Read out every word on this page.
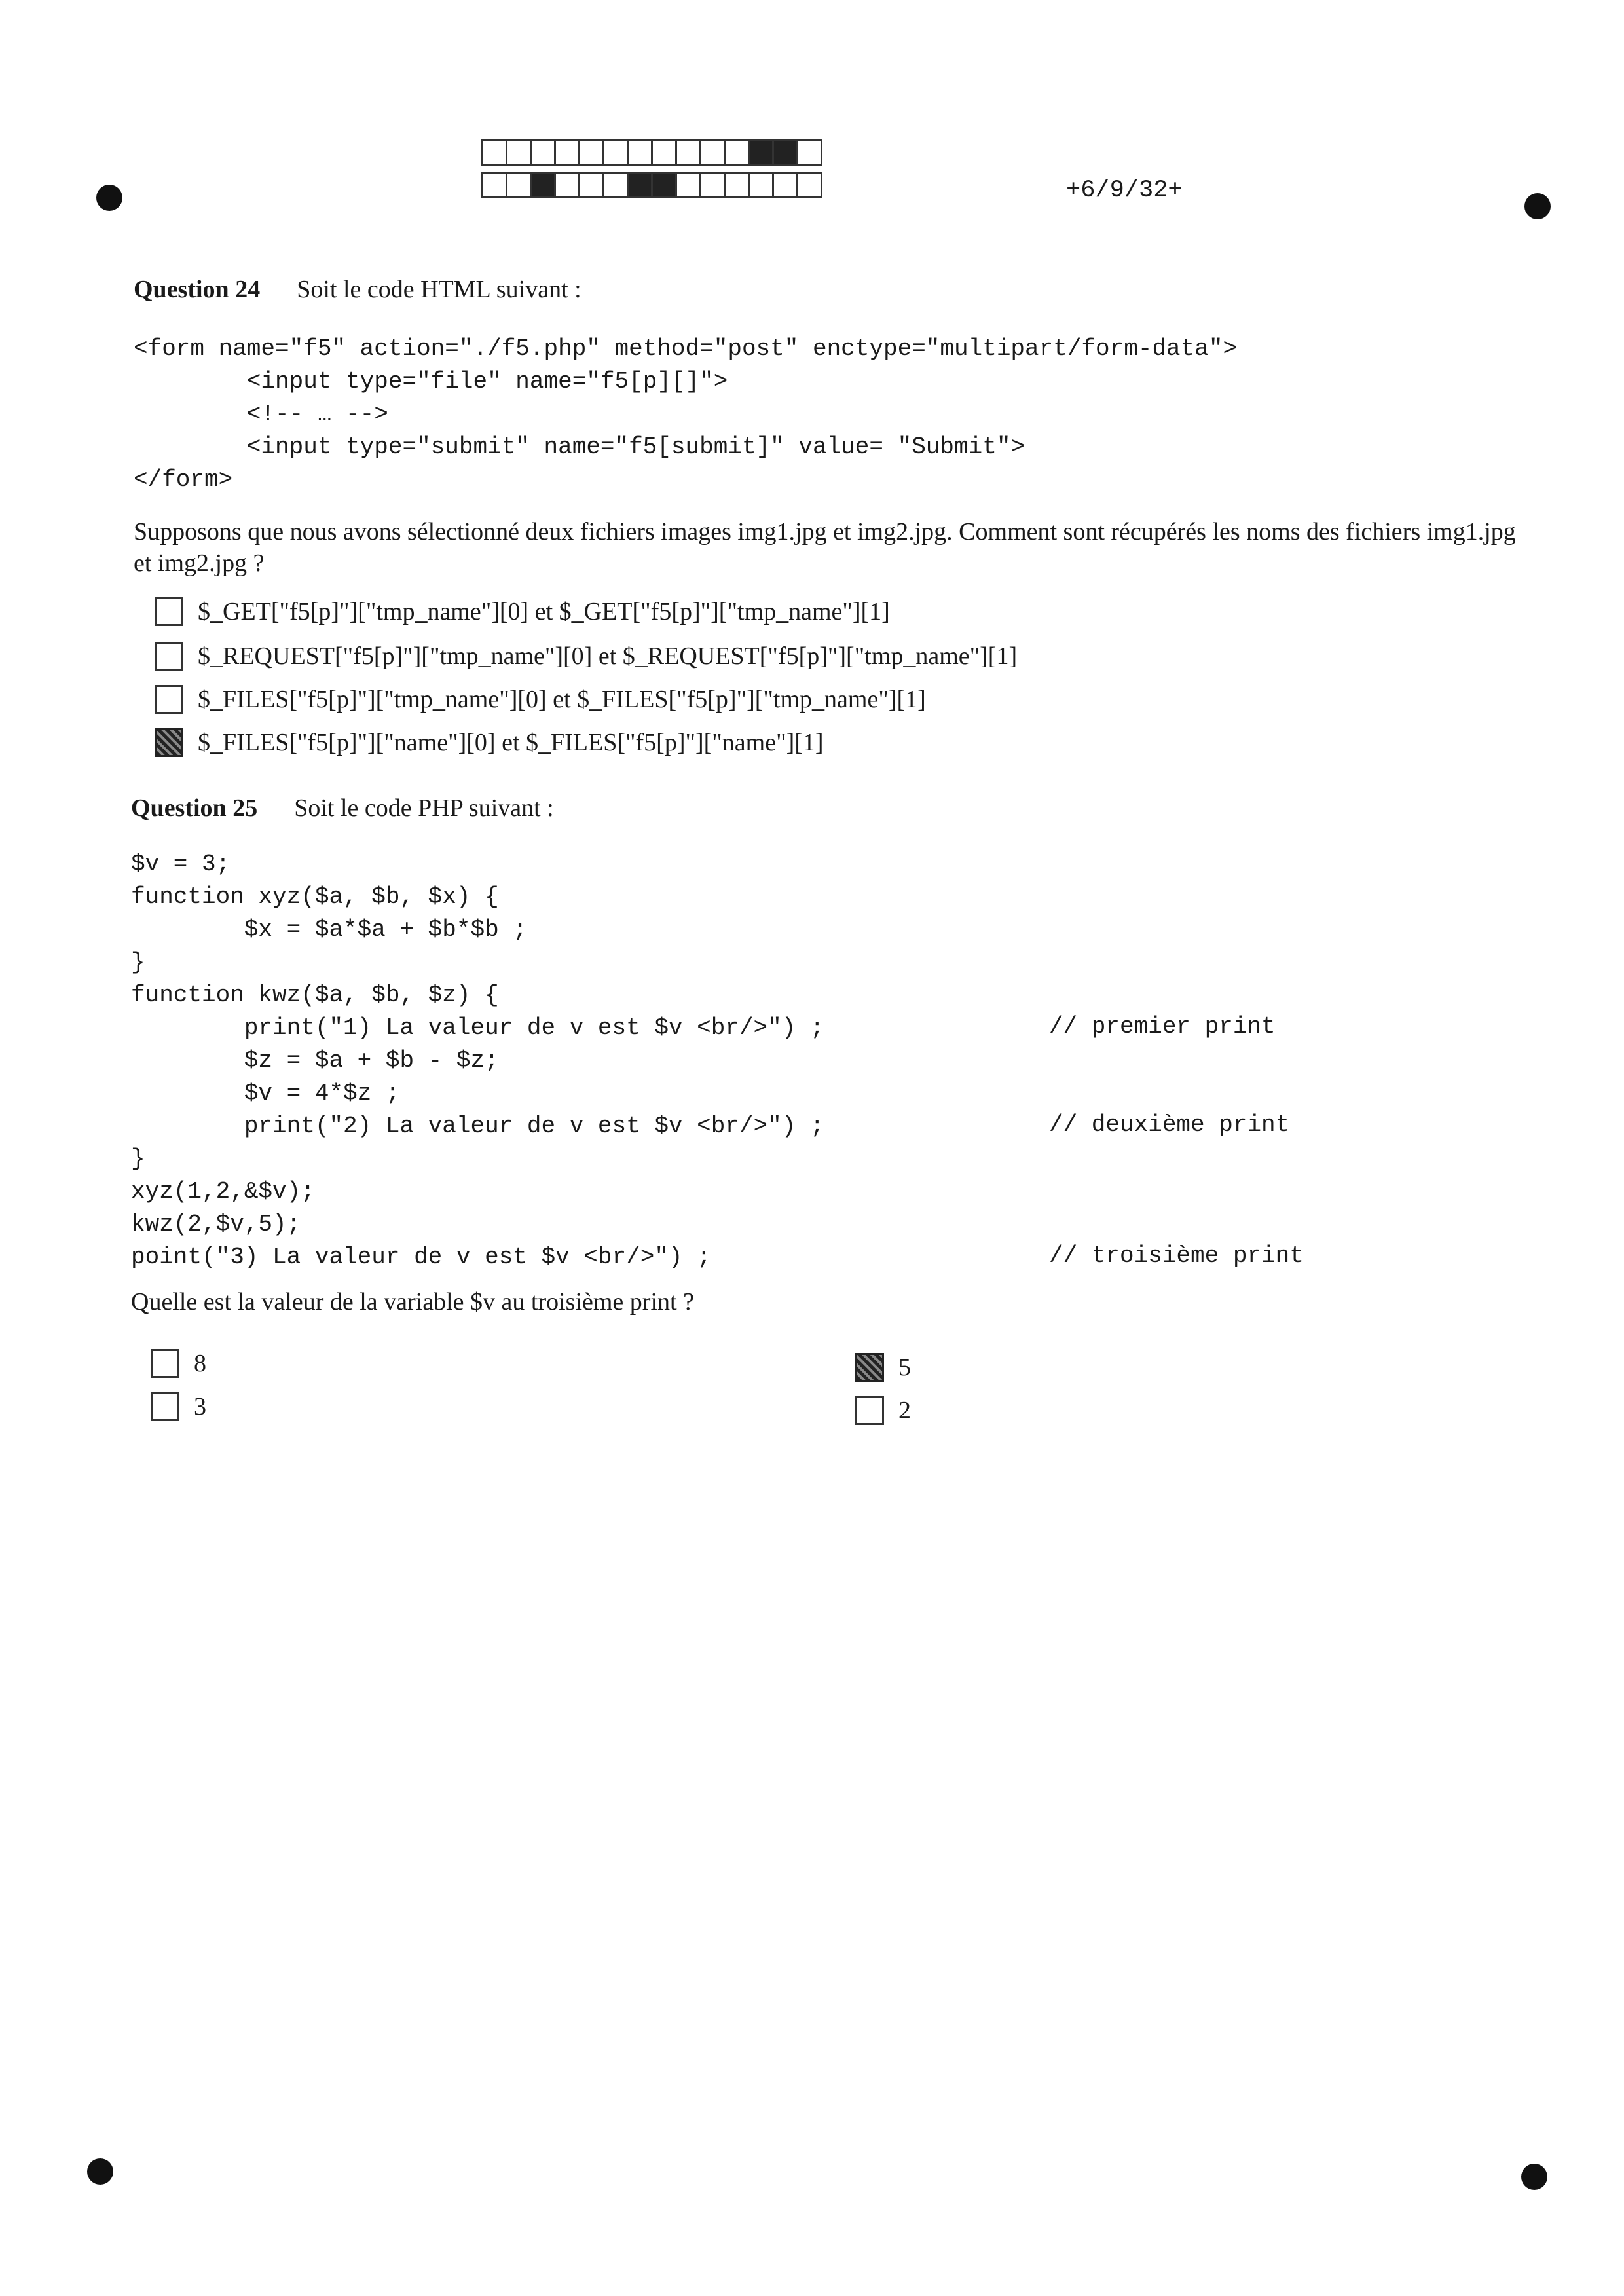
+6/9/32+
Question 24 Soit le code HTML suivant :
<form name="f5" action="./f5.php" method="post" enctype="multipart/form-data">
<input type="file" name="f5[p][]">
<!-- … -->
<input type="submit" name="f5[submit]" value= "Submit">
</form>
Supposons que nous avons sélectionné deux fichiers images img1.jpg et img2.jpg. Comment sont récupérés les noms des fichiers img1.jpg et img2.jpg ?
$_GET["f5[p]"]["tmp_name"][0] et $_GET["f5[p]"]["tmp_name"][1]
$_REQUEST["f5[p]"]["tmp_name"][0] et $_REQUEST["f5[p]"]["tmp_name"][1]
$_FILES["f5[p]"]["tmp_name"][0] et $_FILES["f5[p]"]["tmp_name"][1]
$_FILES["f5[p]"]["name"][0] et $_FILES["f5[p]"]["name"][1]
Question 25 Soit le code PHP suivant :
$v = 3;
function xyz($a, $b, $x) {
$x = $a*$a + $b*$b ;
}
function kwz($a, $b, $z) {
print("1) La valeur de v est $v <br/>") ;
$z = $a + $b - $z;
$v = 4*$z ;
print("2) La valeur de v est $v <br/>") ;
}
xyz(1,2,&$v);
kwz(2,$v,5);
point("3) La valeur de v est $v <br/>") ;
// premier print
// deuxième print
// troisième print
Quelle est la valeur de la variable $v au troisième print ?
8
3
5
2
